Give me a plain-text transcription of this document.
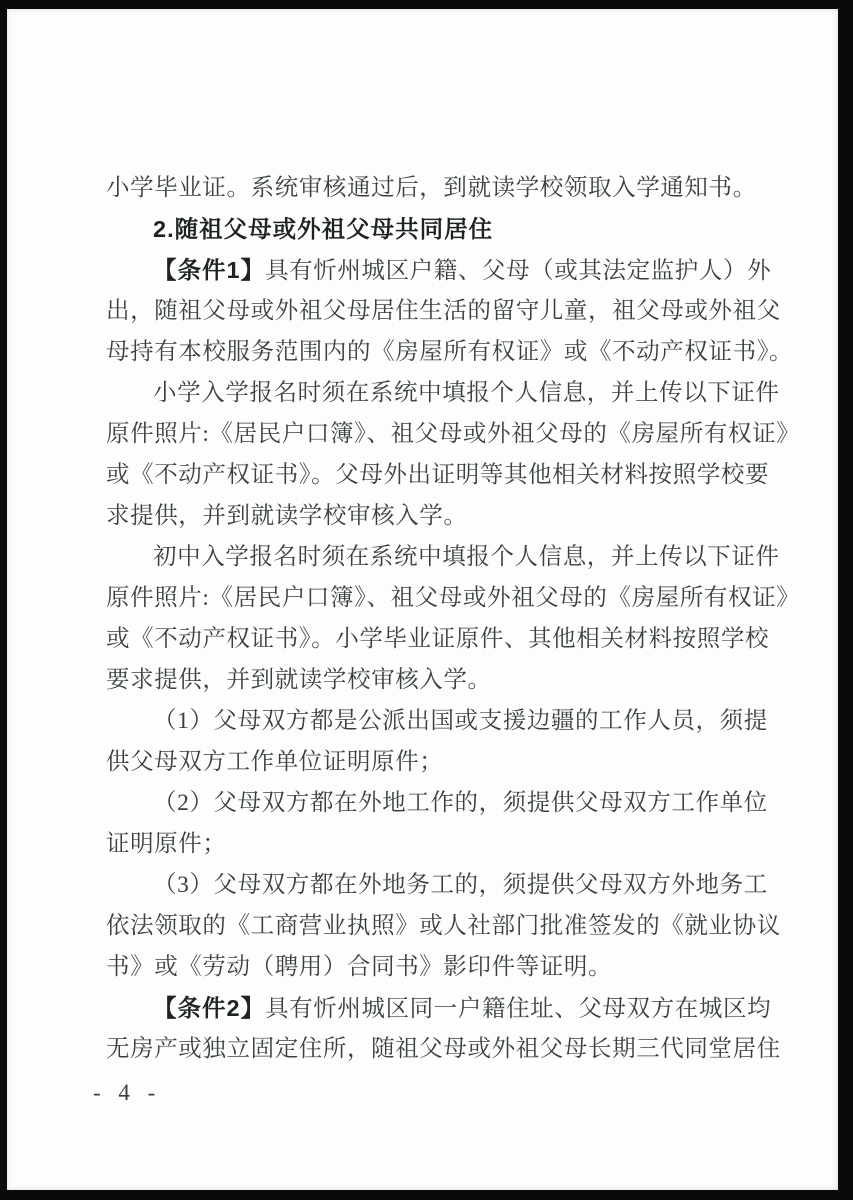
小学毕业证。系统审核通过后，到就读学校领取入学通知书。
2.随祖父母或外祖父母共同居住
【条件1】具有忻州城区户籍、父母（或其法定监护人）外
出，随祖父母或外祖父母居住生活的留守儿童，祖父母或外祖父
母持有本校服务范围内的《房屋所有权证》或《不动产权证书》。
小学入学报名时须在系统中填报个人信息，并上传以下证件
原件照片:《居民户口簿》、祖父母或外祖父母的《房屋所有权证》
或《不动产权证书》。父母外出证明等其他相关材料按照学校要
求提供，并到就读学校审核入学。
初中入学报名时须在系统中填报个人信息，并上传以下证件
原件照片:《居民户口簿》、祖父母或外祖父母的《房屋所有权证》
或《不动产权证书》。小学毕业证原件、其他相关材料按照学校
要求提供，并到就读学校审核入学。
（1）父母双方都是公派出国或支援边疆的工作人员，须提
供父母双方工作单位证明原件；
（2）父母双方都在外地工作的，须提供父母双方工作单位
证明原件；
（3）父母双方都在外地务工的，须提供父母双方外地务工
依法领取的《工商营业执照》或人社部门批准签发的《就业协议
书》或《劳动（聘用）合同书》影印件等证明。
【条件2】具有忻州城区同一户籍住址、父母双方在城区均
无房产或独立固定住所，随祖父母或外祖父母长期三代同堂居住
- 4 -
